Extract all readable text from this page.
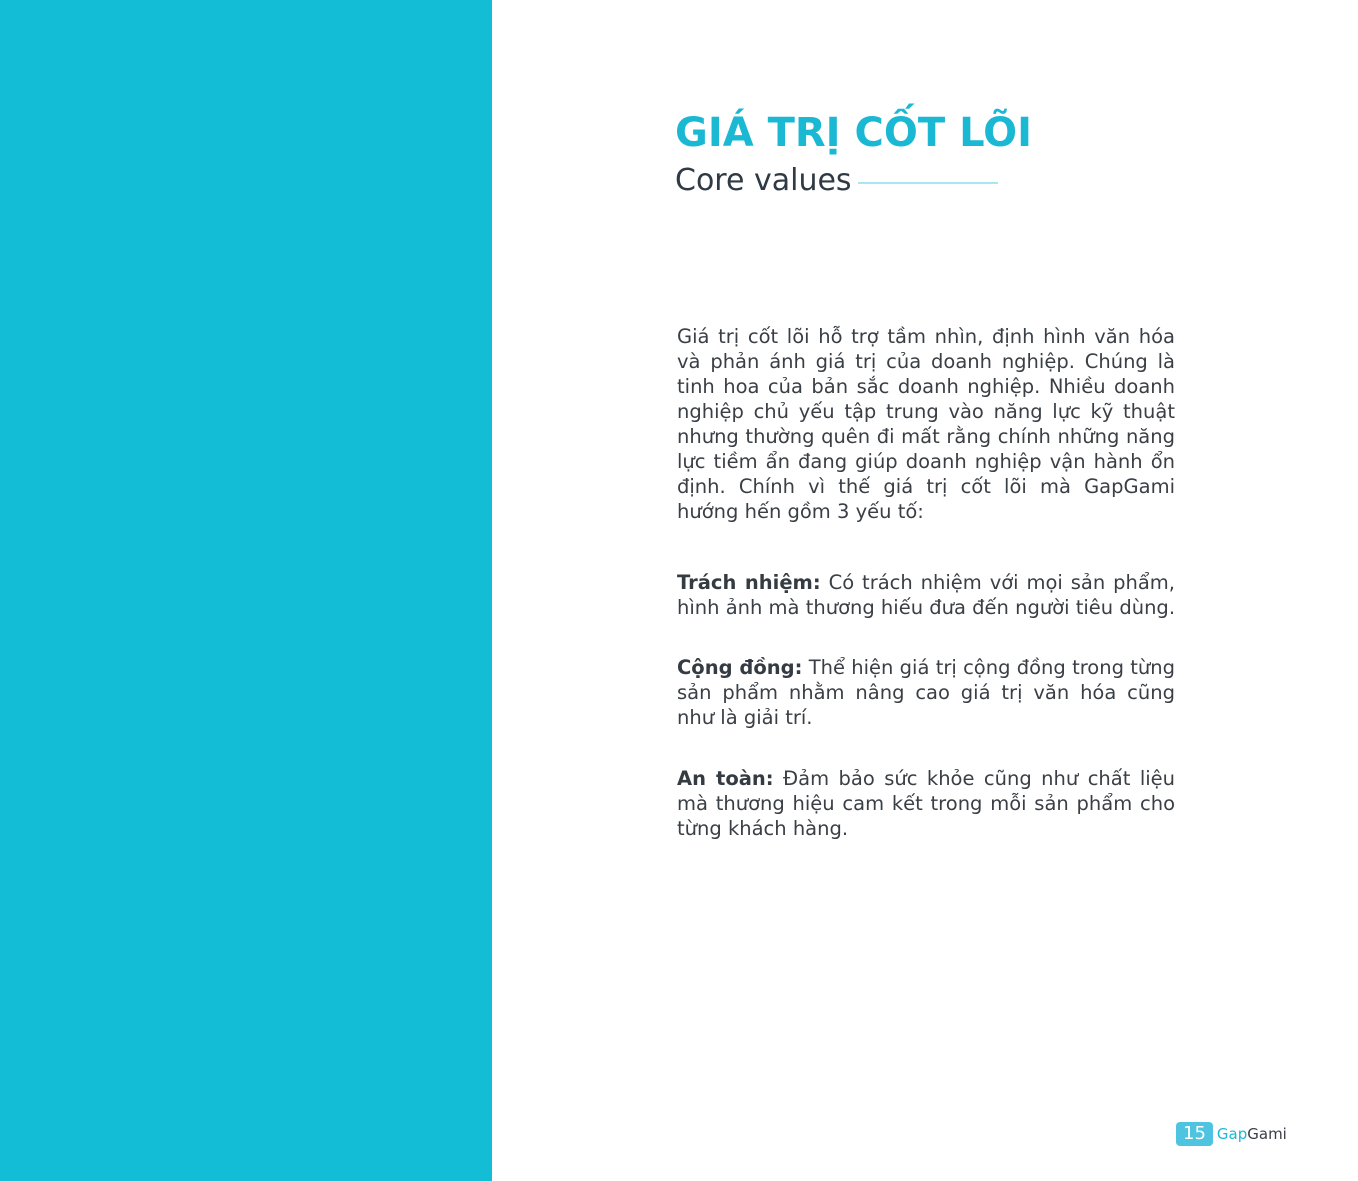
GIÁ TRỊ CỐT LÕI
Core values

Giá trị cốt lõi hỗ trợ tầm nhìn, định hình văn hóa và phản ánh giá trị của doanh nghiệp. Chúng là tinh hoa của bản sắc doanh nghiệp. Nhiều doanh nghiệp chủ yếu tập trung vào năng lực kỹ thuật nhưng thường quên đi mất rằng chính những năng lực tiềm ẩn đang giúp doanh nghiệp vận hành ổn định. Chính vì thế giá trị cốt lõi mà GapGami hướng hến gồm 3 yếu tố:

Trách nhiệm: Có trách nhiệm với mọi sản phẩm, hình ảnh mà thương hiếu đưa đến người tiêu dùng.

Cộng đồng: Thể hiện giá trị cộng đồng trong từng sản phẩm nhằm nâng cao giá trị văn hóa cũng như là giải trí.

An toàn: Đảm bảo sức khỏe cũng như chất liệu mà thương hiệu cam kết trong mỗi sản phẩm cho từng khách hàng.

15 GapGami
